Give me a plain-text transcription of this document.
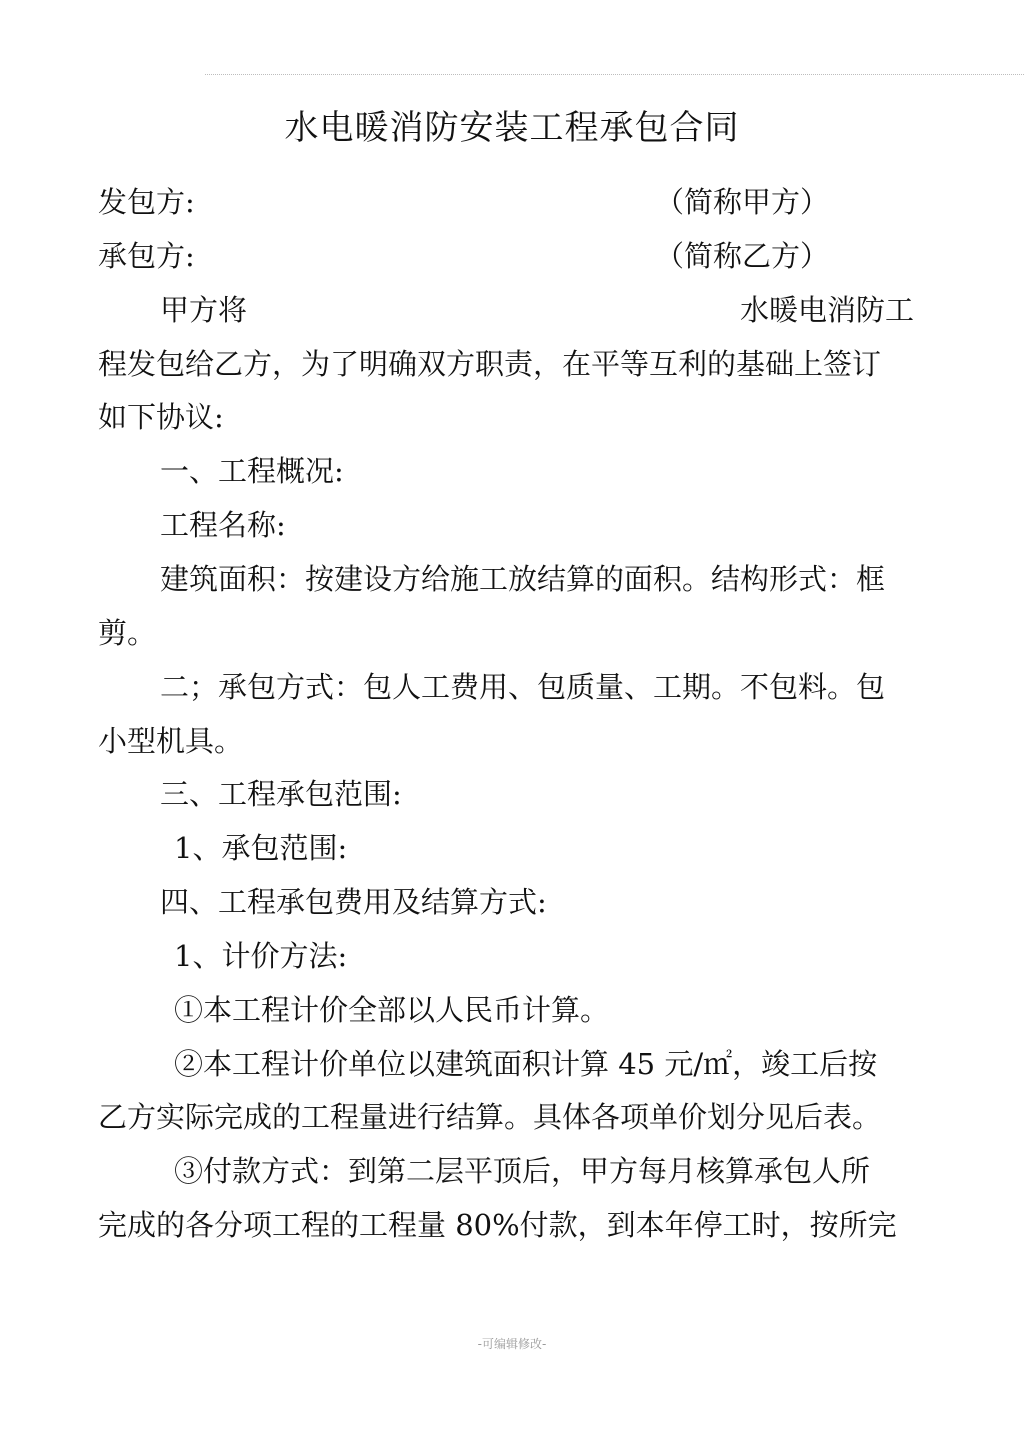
水电暖消防安装工程承包合同
发包方:	（简称甲方）
承包方:	（简称乙方）
甲方将	水暖电消防工
程发包给乙方，为了明确双方职责，在平等互利的基础上签订
如下协议:
一、工程概况:
工程名称:
建筑面积：按建设方给施工放结算的面积。结构形式：框
剪。
二；承包方式：包人工费用、包质量、工期。不包料。包
小型机具。
三、工程承包范围:
1、承包范围:
四、工程承包费用及结算方式:
1、计价方法:
①本工程计价全部以人民币计算。
②本工程计价单位以建筑面积计算 45 元/㎡，竣工后按
乙方实际完成的工程量进行结算。具体各项单价划分见后表。
③付款方式：到第二层平顶后，甲方每月核算承包人所
完成的各分项工程的工程量 80%付款，到本年停工时，按所完
-可编辑修改-
